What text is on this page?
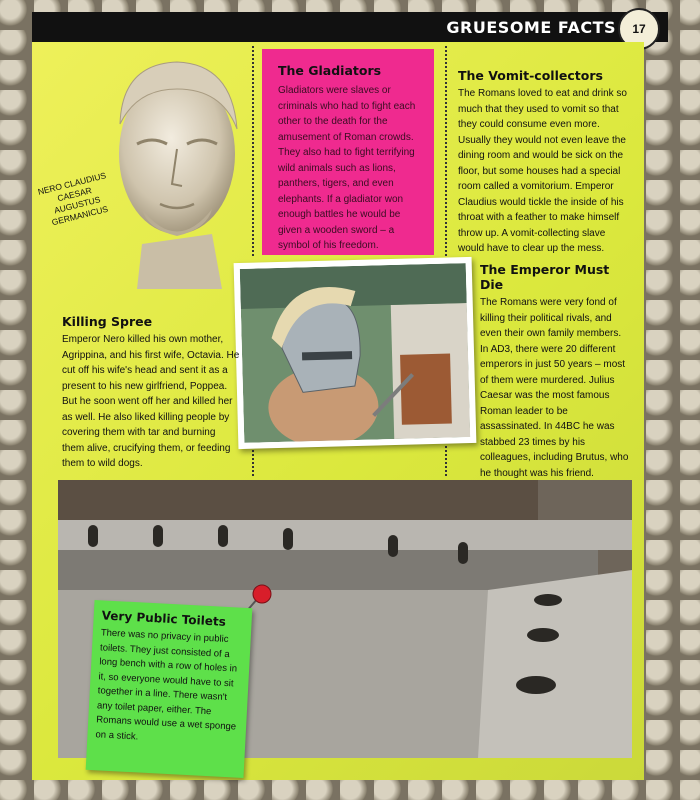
GRUESOME FACTS	17
NERO CLAUDIUS CAESAR AUGUSTUS GERMANICUS
The Gladiators

Gladiators were slaves or criminals who had to fight each other to the death for the amusement of Roman crowds. They also had to fight terrifying wild animals such as lions, panthers, tigers, and even elephants. If a gladiator won enough battles he would be given a wooden sword – a symbol of his freedom.

The Vomit-collectors

The Romans loved to eat and drink so much that they used to vomit so that they could consume even more. Usually they would not even leave the dining room and would be sick on the floor, but some houses had a special room called a vomitorium. Emperor Claudius would tickle the inside of his throat with a feather to make himself throw up. A vomit-collecting slave would have to clear up the mess.

The Emperor Must Die

The Romans were very fond of killing their political rivals, and even their own family members. In AD3, there were 20 different emperors in just 50 years – most of them were murdered. Julius Caesar was the most famous Roman leader to be assassinated. In 44BC he was stabbed 23 times by his colleagues, including Brutus, who he thought was his friend.

Killing Spree

Emperor Nero killed his own mother, Agrippina, and his first wife, Octavia. He cut off his wife's head and sent it as a present to his new girlfriend, Poppea. But he soon went off her and killed her as well. He also liked killing people by covering them with tar and burning them alive, crucifying them, or feeding them to wild dogs.

Very Public Toilets

There was no privacy in public toilets. They just consisted of a long bench with a row of holes in it, so everyone would have to sit together in a line. There wasn't any toilet paper, either. The Romans would use a wet sponge on a stick.
